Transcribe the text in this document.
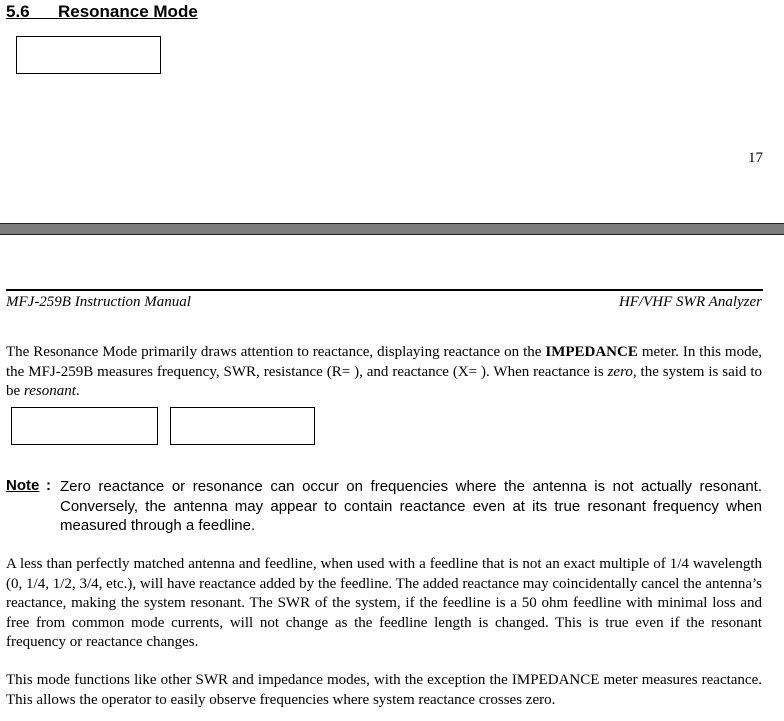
5.6      Resonance Mode

17
MFJ-259B Instruction Manual	HF/VHF SWR Analyzer

The Resonance Mode primarily draws attention to reactance, displaying reactance on the IMPEDANCE meter. In this mode, the MFJ-259B measures frequency, SWR, resistance (R= ), and reactance (X= ). When reactance is zero, the system is said to be resonant.

Note : Zero reactance or resonance can occur on frequencies where the antenna is not actually resonant. Conversely, the antenna may appear to contain reactance even at its true resonant frequency when measured through a feedline.

A less than perfectly matched antenna and feedline, when used with a feedline that is not an exact multiple of 1/4 wavelength (0, 1/4, 1/2, 3/4, etc.), will have reactance added by the feedline. The added reactance may coincidentally cancel the antenna’s reactance, making the system resonant. The SWR of the system, if the feedline is a 50 ohm feedline with minimal loss and free from common mode currents, will not change as the feedline length is changed. This is true even if the resonant frequency or reactance changes.

This mode functions like other SWR and impedance modes, with the exception the IMPEDANCE meter measures reactance. This allows the operator to easily observe frequencies where system reactance crosses zero.
